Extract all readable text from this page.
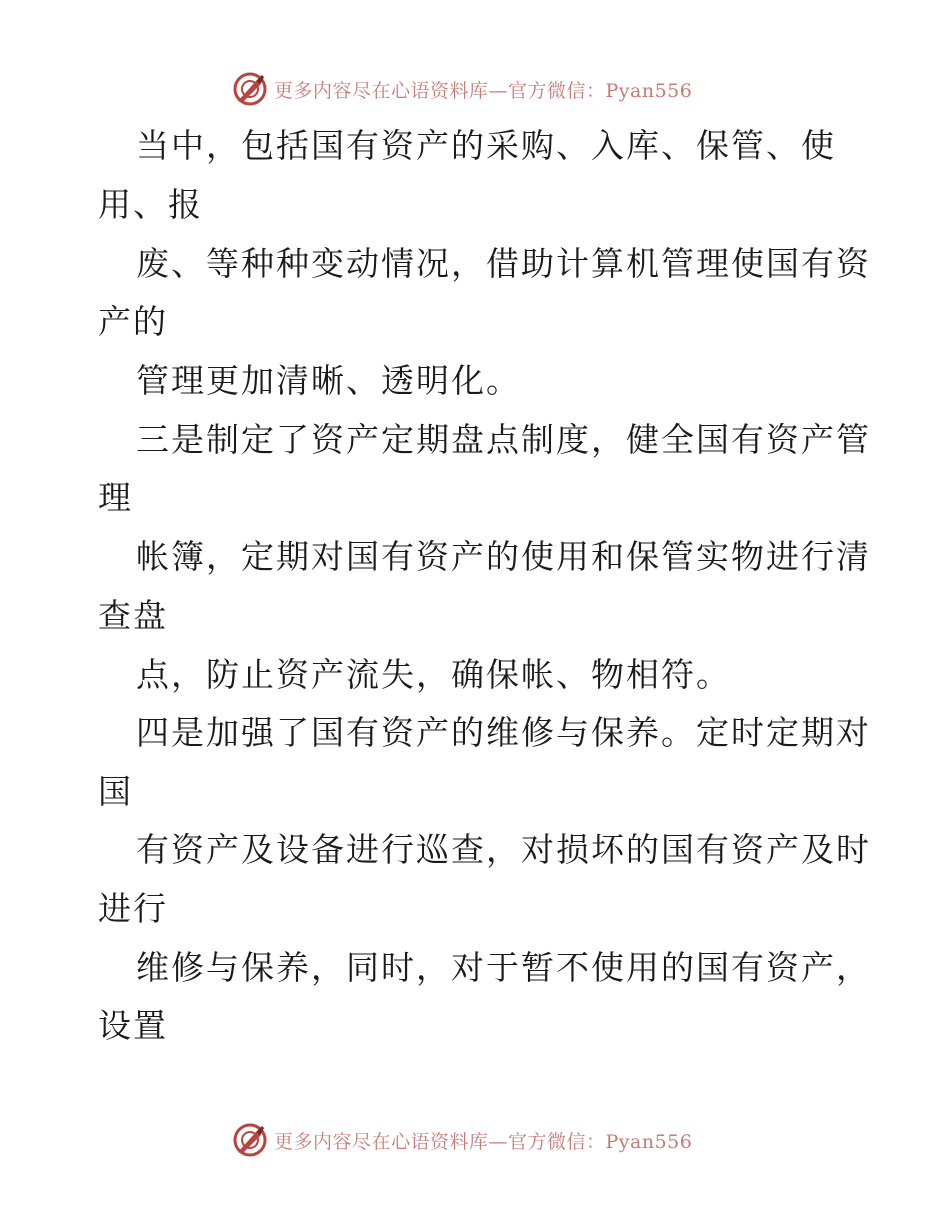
更多内容尽在心语资料库—官方微信：Pyan556
当中，包括国有资产的采购、入库、保管、使
用、报
废、等种种变动情况，借助计算机管理使国有资
产的
管理更加清晰、透明化。
三是制定了资产定期盘点制度，健全国有资产管
理
帐簿，定期对国有资产的使用和保管实物进行清
查盘
点，防止资产流失，确保帐、物相符。
四是加强了国有资产的维修与保养。定时定期对
国
有资产及设备进行巡查，对损坏的国有资产及时
进行
维修与保养，同时，对于暂不使用的国有资产，
设置
更多内容尽在心语资料库—官方微信：Pyan556
